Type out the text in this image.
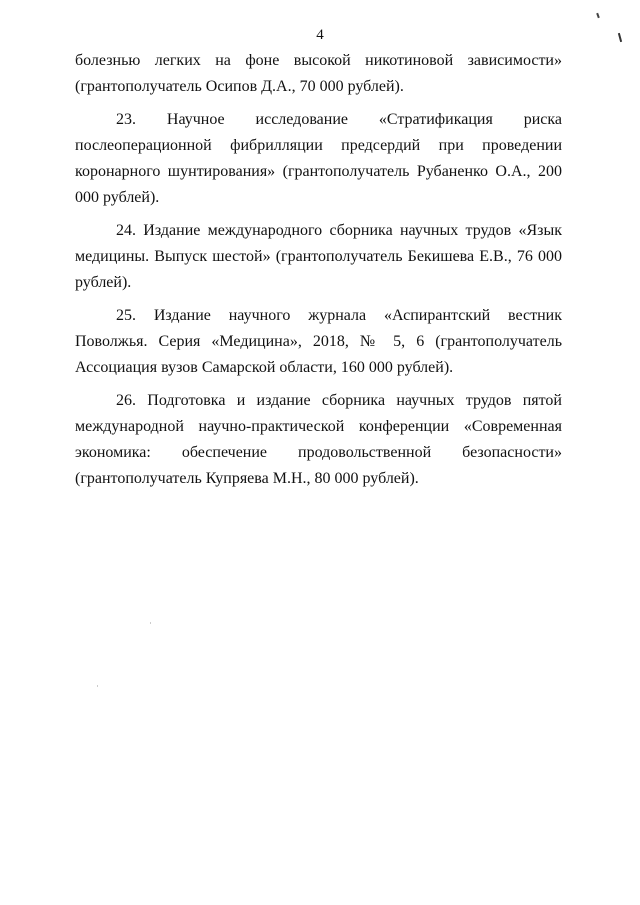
4

болезнью легких на фоне высокой никотиновой зависимости» (грантополучатель Осипов Д.А., 70 000 рублей).

23. Научное исследование «Стратификация риска послеоперационной фибрилляции предсердий при проведении коронарного шунтирования» (грантополучатель Рубаненко О.А., 200 000 рублей).

24. Издание международного сборника научных трудов «Язык медицины. Выпуск шестой» (грантополучатель Бекишева Е.В., 76 000 рублей).

25. Издание научного журнала «Аспирантский вестник Поволжья. Серия «Медицина», 2018, № 5, 6 (грантополучатель Ассоциация вузов Самарской области, 160 000 рублей).

26. Подготовка и издание сборника научных трудов пятой международной научно-практической конференции «Современная экономика: обеспечение продовольственной безопасности» (грантополучатель Купряева М.Н., 80 000 рублей).
